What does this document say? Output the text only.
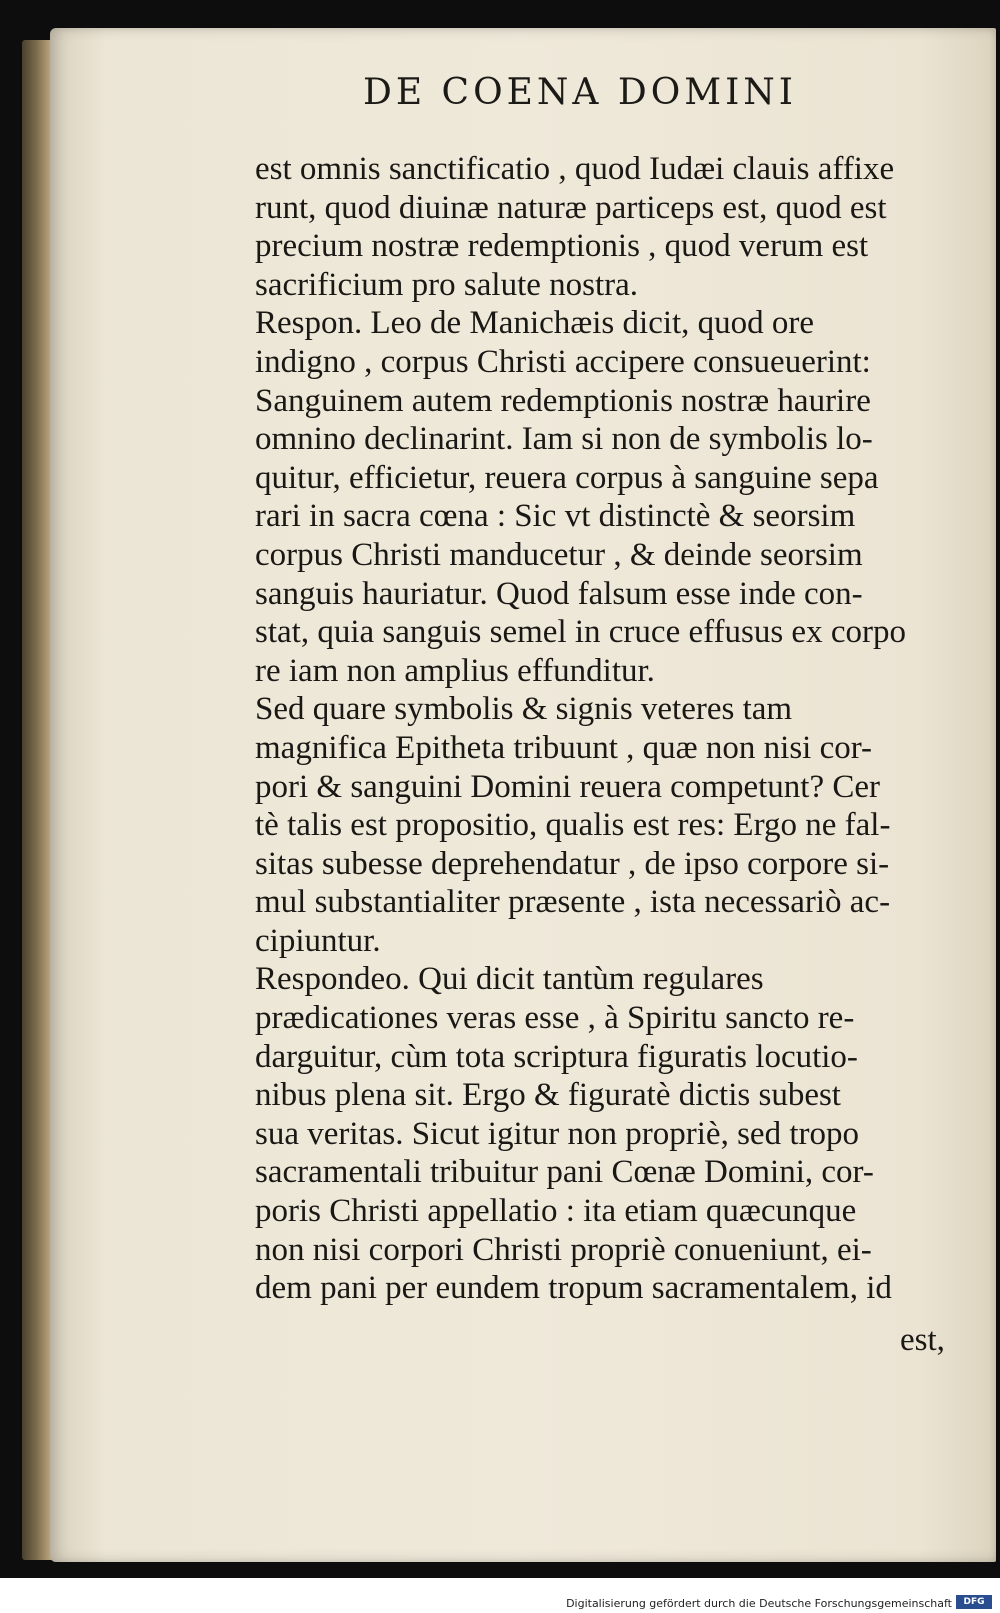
DE COENA DOMINI
est omnis sanctificatio , quod Iudæi clauis affixe
runt, quod diuinæ naturæ particeps est, quod est
precium nostræ redemptionis , quod verum est
sacrificium pro salute nostra.
Respon. Leo de Manichæis dicit, quod ore
indigno , corpus Christi accipere consueuerint:
Sanguinem autem redemptionis nostræ haurire
omnino declinarint. Iam si non de symbolis lo-
quitur, efficietur, reuera corpus à sanguine sepa
rari in sacra cœna : Sic vt distinctè & seorsim
corpus Christi manducetur , & deinde seorsim
sanguis hauriatur. Quod falsum esse inde con-
stat, quia sanguis semel in cruce effusus ex corpo
re iam non amplius effunditur.
Sed quare symbolis & signis veteres tam
magnifica Epitheta tribuunt , quæ non nisi cor-
pori & sanguini Domini reuera competunt? Cer
tè talis est propositio, qualis est res: Ergo ne fal-
sitas subesse deprehendatur , de ipso corpore si-
mul substantialiter præsente , ista necessariò ac-
cipiuntur.
Respondeo. Qui dicit tantùm regulares
prædicationes veras esse , à Spiritu sancto re-
darguitur, cùm tota scriptura figuratis locutio-
nibus plena sit. Ergo & figuratè dictis subest
sua veritas. Sicut igitur non propriè, sed tropo
sacramentali tribuitur pani Cœnæ Domini, cor-
poris Christi appellatio : ita etiam quæcunque
non nisi corpori Christi propriè conueniunt, ei-
dem pani per eundem tropum sacramentalem, id
est,
Digitalisierung gefördert durch die Deutsche Forschungsgemeinschaft	DFG
